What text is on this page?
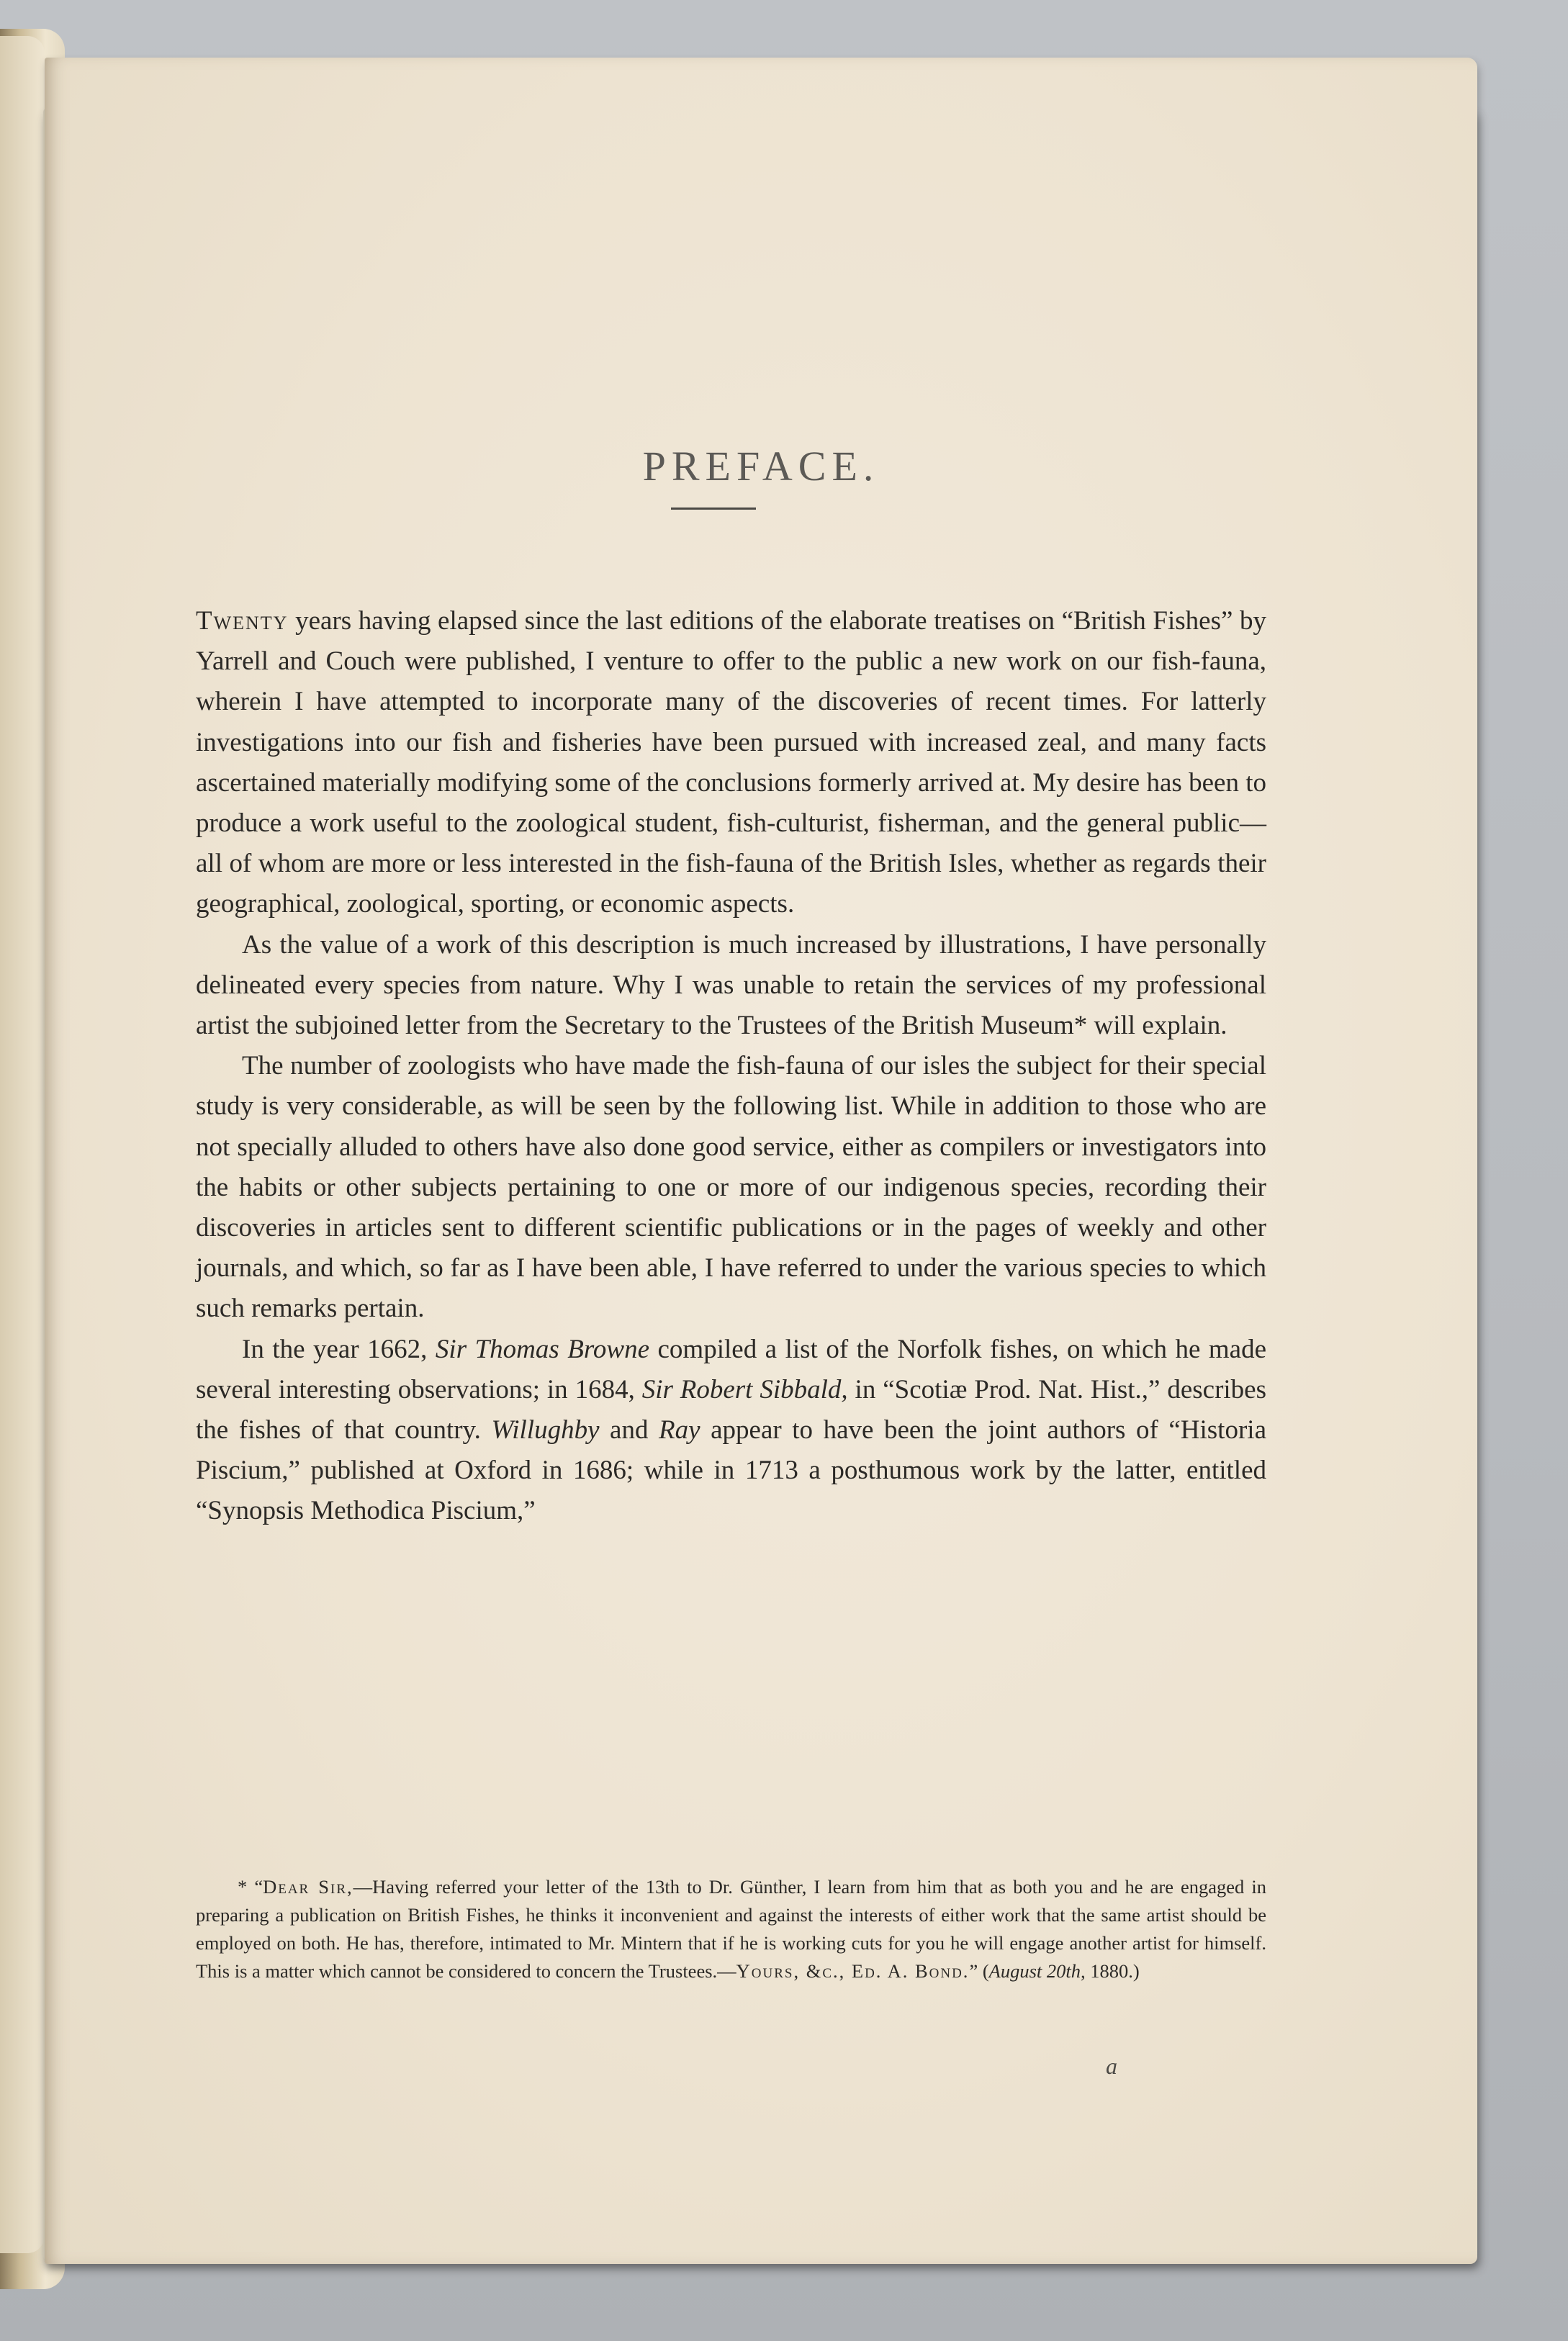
PREFACE.

Twenty years having elapsed since the last editions of the elaborate treatises on “British Fishes” by Yarrell and Couch were published, I venture to offer to the public a new work on our fish-fauna, wherein I have attempted to incorporate many of the discoveries of recent times. For latterly investigations into our fish and fisheries have been pursued with increased zeal, and many facts ascertained materially modifying some of the conclusions formerly arrived at. My desire has been to produce a work useful to the zoological student, fish-culturist, fisherman, and the general public—all of whom are more or less interested in the fish-fauna of the British Isles, whether as regards their geographical, zoological, sporting, or economic aspects.

As the value of a work of this description is much increased by illustrations, I have personally delineated every species from nature. Why I was unable to retain the services of my professional artist the subjoined letter from the Secretary to the Trustees of the British Museum* will explain.

The number of zoologists who have made the fish-fauna of our isles the subject for their special study is very considerable, as will be seen by the following list. While in addition to those who are not specially alluded to others have also done good service, either as compilers or investigators into the habits or other subjects pertaining to one or more of our indigenous species, recording their discoveries in articles sent to different scientific publications or in the pages of weekly and other journals, and which, so far as I have been able, I have referred to under the various species to which such remarks pertain.

In the year 1662, Sir Thomas Browne compiled a list of the Norfolk fishes, on which he made several interesting observations; in 1684, Sir Robert Sibbald, in “Scotiæ Prod. Nat. Hist.,” describes the fishes of that country. Willughby and Ray appear to have been the joint authors of “Historia Piscium,” published at Oxford in 1686; while in 1713 a posthumous work by the latter, entitled “Synopsis Methodica Piscium,”

* “Dear Sir,—Having referred your letter of the 13th to Dr. Günther, I learn from him that as both you and he are engaged in preparing a publication on British Fishes, he thinks it inconvenient and against the interests of either work that the same artist should be employed on both. He has, therefore, intimated to Mr. Mintern that if he is working cuts for you he will engage another artist for himself. This is a matter which cannot be considered to concern the Trustees.—Yours, &c., Ed. A. Bond.” (August 20th, 1880.)
a
